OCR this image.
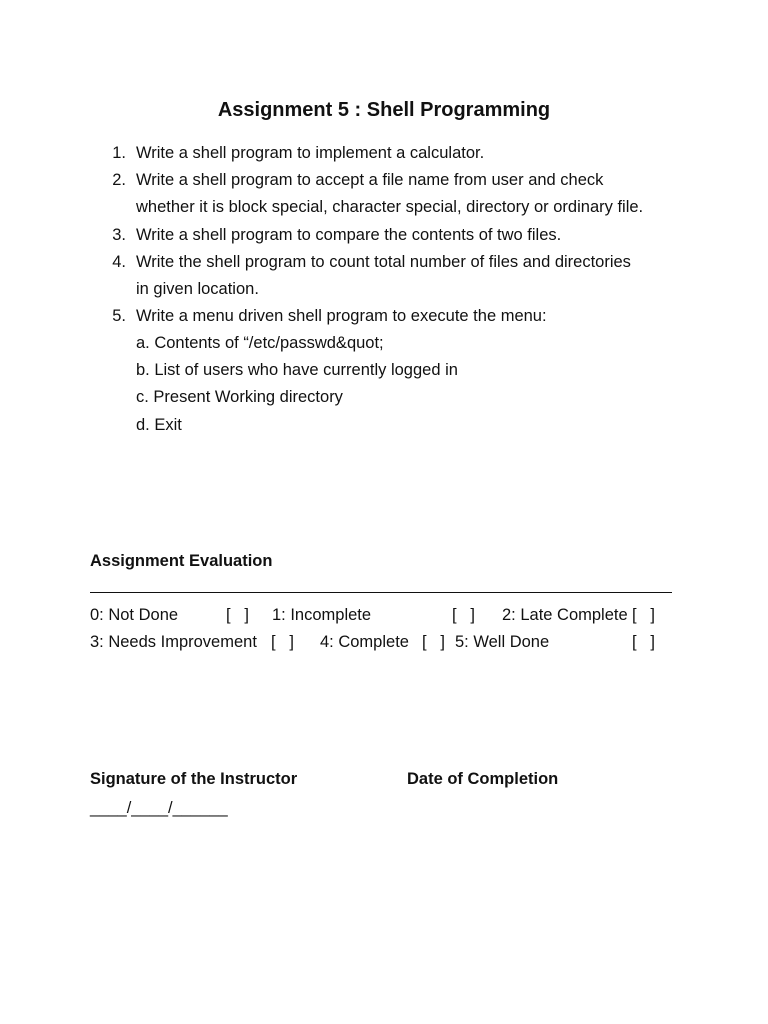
Assignment 5 : Shell Programming
1. Write a shell program to implement a calculator.
2. Write a shell program to accept a file name from user and check
whether it is block special, character special, directory or ordinary file.
3. Write a shell program to compare the contents of two files.
4. Write the shell program to count total number of files and directories
in given location.
5. Write a menu driven shell program to execute the menu:
a. Contents of “/etc/passwd&quot;
b. List of users who have currently logged in
c. Present Working directory
d. Exit
Assignment Evaluation
0: Not Done	[   ] 1: Incomplete	[   ] 2: Late Complete [   ]
3: Needs Improvement [   ] 4: Complete [   ] 5: Well Done	[   ]
Signature of the Instructor	Date of Completion
____/____/______
